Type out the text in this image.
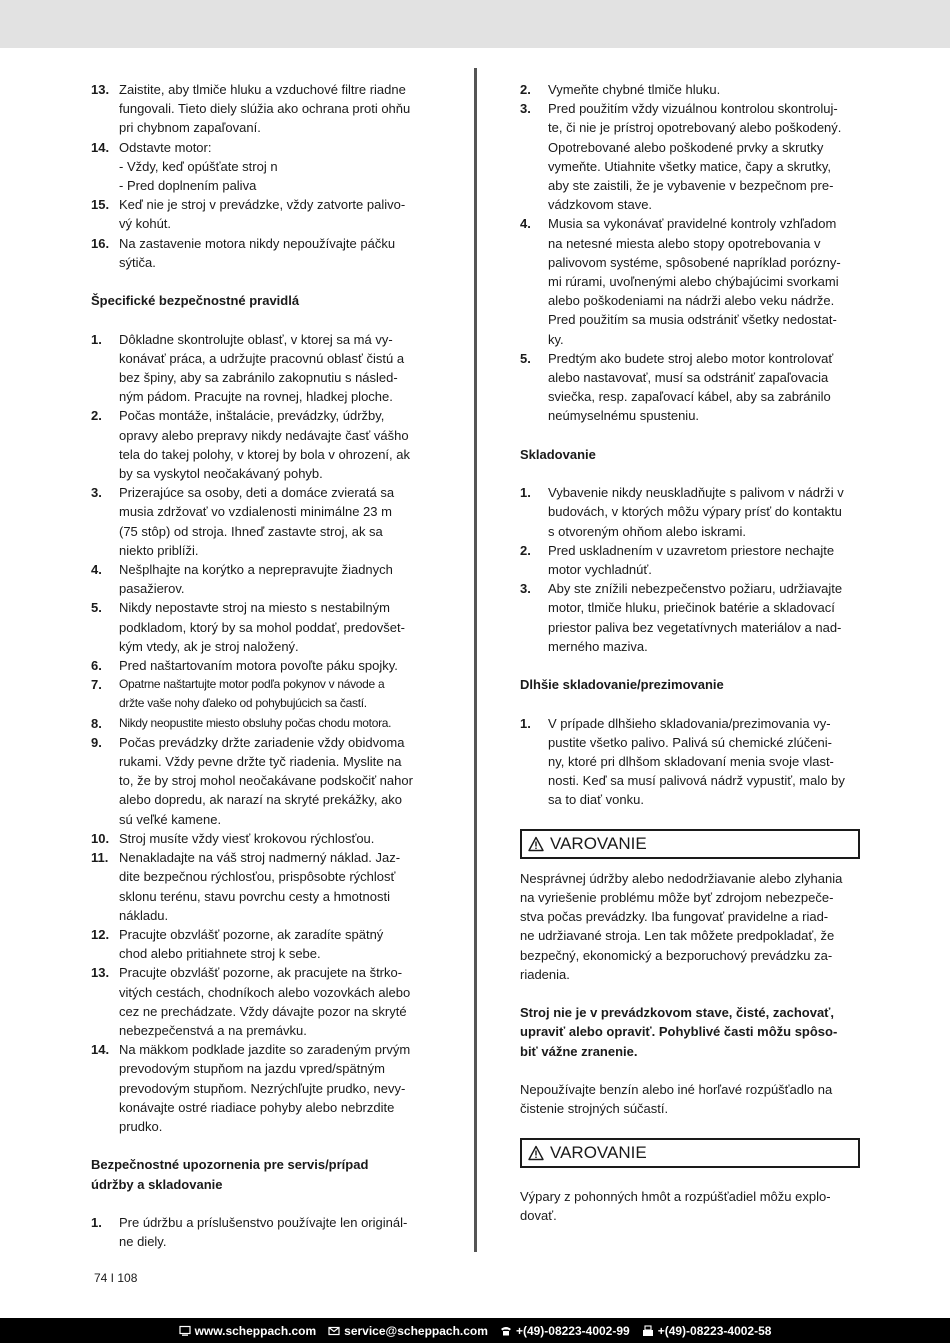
13. Zaistite, aby tlmiče hluku a vzduchové filtre riadne
fungovali. Tieto diely slúžia ako ochrana proti ohňu
pri chybnom zapaľovaní.
14. Odstavte motor:
- Vždy, keď opúšťate stroj n
- Pred doplnením paliva
15. Keď nie je stroj v prevádzke, vždy zatvorte palivo-
vý kohút.
16. Na zastavenie motora nikdy nepoužívajte páčku
sýtiča.
Špecifické bezpečnostné pravidlá
1.	Dôkladne skontrolujte oblasť, v ktorej sa má vy-
konávať práca, a udržujte pracovnú oblasť čistú a
bez špiny, aby sa zabránilo zakopnutiu s násled-
ným pádom. Pracujte na rovnej, hladkej ploche.
2.	Počas montáže, inštalácie, prevádzky, údržby,
opravy alebo prepravy nikdy nedávajte časť vášho
tela do takej polohy, v ktorej by bola v ohrození, ak
by sa vyskytol neočakávaný pohyb.
3.	Prizerajúce sa osoby, deti a domáce zvieratá sa
musia zdržovať vo vzdialenosti minimálne 23 m
(75 stôp) od stroja. Ihneď zastavte stroj, ak sa
niekto priblíži.
4.	Nešplhajte na korýtko a neprepravujte žiadnych
pasažierov.
5.	Nikdy nepostavte stroj na miesto s nestabilným
podkladom, ktorý by sa mohol poddať, predovšet-
kým vtedy, ak je stroj naložený.
6.	Pred naštartovaním motora povoľte páku spojky.
7.	Opatrne naštartujte motor podľa pokynov v návode a
držte vaše nohy ďaleko od pohybujúcich sa častí.
8.	Nikdy neopustite miesto obsluhy počas chodu motora.
9.	Počas prevádzky držte zariadenie vždy obidvoma
rukami. Vždy pevne držte tyč riadenia. Myslite na
to, že by stroj mohol neočakávane podskočiť nahor
alebo dopredu, ak narazí na skryté prekážky, ako
sú veľké kamene.
10. Stroj musíte vždy viesť krokovou rýchlosťou.
11. Nenakladajte na váš stroj nadmerný náklad. Jaz-
dite bezpečnou rýchlosťou, prispôsobte rýchlosť
sklonu terénu, stavu povrchu cesty a hmotnosti
nákladu.
12. Pracujte obzvlášť pozorne, ak zaradíte spätný
chod alebo pritiahnete stroj k sebe.
13. Pracujte obzvlášť pozorne, ak pracujete na štrko-
vitých cestách, chodníkoch alebo vozovkách alebo
cez ne prechádzate. Vždy dávajte pozor na skryté
nebezpečenstvá a na premávku.
14. Na mäkkom podklade jazdite so zaradeným prvým
prevodovým stupňom na jazdu vpred/spätným
prevodovým stupňom. Nezrýchľujte prudko, nevy-
konávajte ostré riadiace pohyby alebo nebrzdite
prudko.
Bezpečnostné upozornenia pre servis/prípad
údržby a skladovanie
1.	Pre údržbu a príslušenstvo používajte len originál-
ne diely.
2.	Vymeňte chybné tlmiče hluku.
3.	Pred použitím vždy vizuálnou kontrolou skontroluj-
te, či nie je prístroj opotrebovaný alebo poškodený.
Opotrebované alebo poškodené prvky a skrutky
vymeňte. Utiahnite všetky matice, čapy a skrutky,
aby ste zaistili, že je vybavenie v bezpečnom pre-
vádzkovom stave.
4.	Musia sa vykonávať pravidelné kontroly vzhľadom
na netesné miesta alebo stopy opotrebovania v
palivovom systéme, spôsobené napríklad porózny-
mi rúrami, uvoľnenými alebo chýbajúcimi svorkami
alebo poškodeniami na nádrži alebo veku nádrže.
Pred použitím sa musia odstrániť všetky nedostat-
ky.
5.	Predtým ako budete stroj alebo motor kontrolovať
alebo nastavovať, musí sa odstrániť zapaľovacia
sviečka, resp. zapaľovací kábel, aby sa zabránilo
neúmyselnému spusteniu.
Skladovanie
1.	Vybavenie nikdy neuskladňujte s palivom v nádrži v
budovách, v ktorých môžu výpary prísť do kontaktu
s otvoreným ohňom alebo iskrami.
2.	Pred uskladnením v uzavretom priestore nechajte
motor vychladnúť.
3.	Aby ste znížili nebezpečenstvo požiaru, udržiavajte
motor, tlmiče hluku, priečinok batérie a skladovací
priestor paliva bez vegetatívnych materiálov a nad-
merného maziva.
Dlhšie skladovanie/prezimovanie
1.	V prípade dlhšieho skladovania/prezimovania vy-
pustite všetko palivo. Palivá sú chemické zlúčeni-
ny, ktoré pri dlhšom skladovaní menia svoje vlast-
nosti. Keď sa musí palivová nádrž vypustiť, malo by
sa to diať vonku.
VAROVANIE
Nesprávnej údržby alebo nedodržiavanie alebo zlyhania
na vyriešenie problému môže byť zdrojom nebezpeče-
stva počas prevádzky. Iba fungovať pravidelne a riad-
ne udržiavané stroja. Len tak môžete predpokladať, že
bezpečný, ekonomický a bezporuchový prevádzku za-
riadenia.
Stroj nie je v prevádzkovom stave, čisté, zachovať,
upraviť alebo opraviť. Pohyblivé časti môžu spôso-
biť vážne zranenie.
Nepoužívajte benzín alebo iné horľavé rozpúšťadlo na
čistenie strojných súčastí.
VAROVANIE
Výpary z pohonných hmôt a rozpúšťadiel môžu explo-
dovať.
74 I 108
www.scheppach.com service@scheppach.com +(49)-08223-4002-99 +(49)-08223-4002-58
